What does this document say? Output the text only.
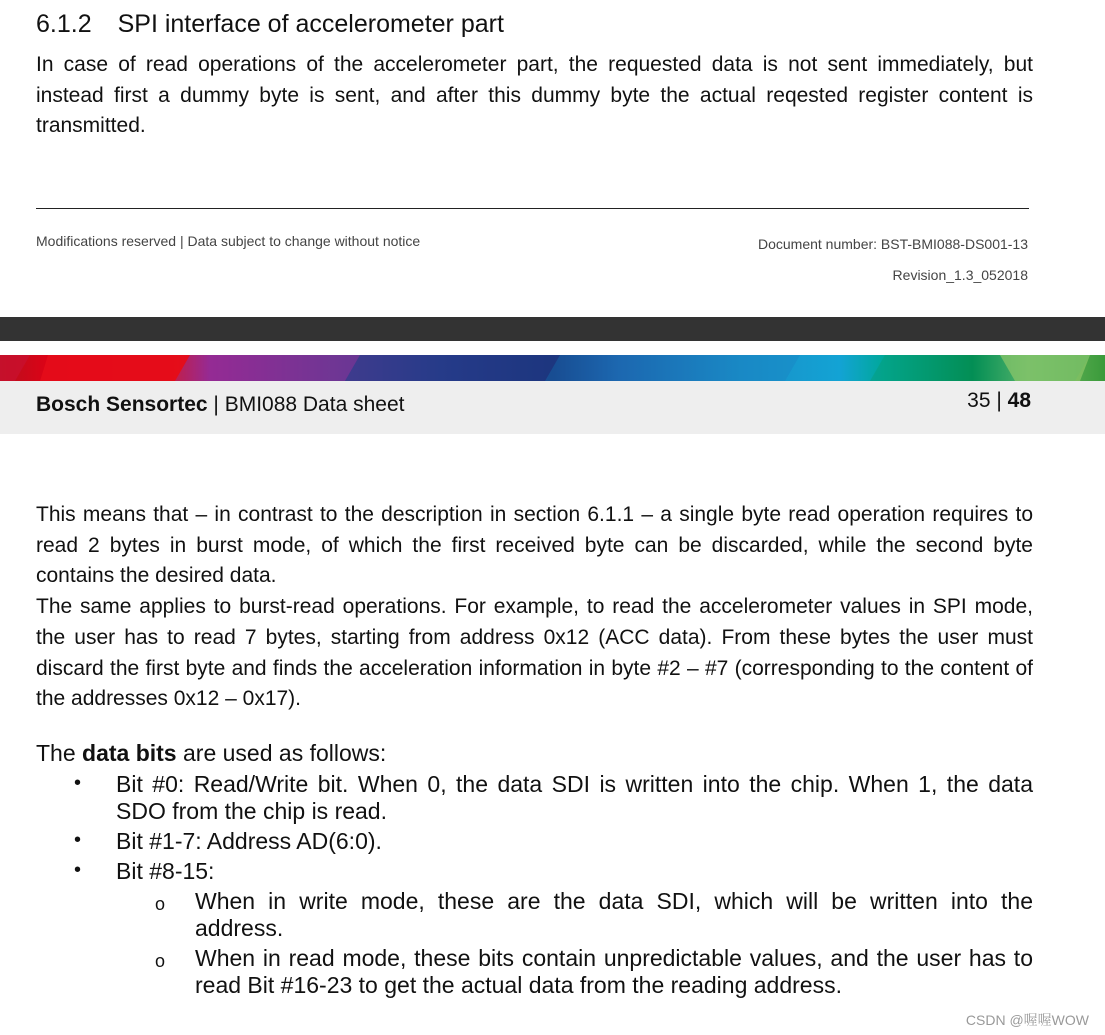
6.1.2 SPI interface of accelerometer part

In case of read operations of the accelerometer part, the requested data is not sent immediately, but instead first a dummy byte is sent, and after this dummy byte the actual reqested register content is transmitted.

Modifications reserved | Data subject to change without notice	Document number: BST-BMI088-DS001-13
Revision_1.3_052018
Bosch Sensortec | BMI088 Data sheet	35 | 48

This means that – in contrast to the description in section 6.1.1 – a single byte read operation requires to read 2 bytes in burst mode, of which the first received byte can be discarded, while the second byte contains the desired data.

The same applies to burst-read operations. For example, to read the accelerometer values in SPI mode, the user has to read 7 bytes, starting from address 0x12 (ACC data). From these bytes the user must discard the first byte and finds the acceleration information in byte #2 – #7 (corresponding to the content of the addresses 0x12 – 0x17).

The data bits are used as follows:
• Bit #0: Read/Write bit. When 0, the data SDI is written into the chip. When 1, the data SDO from the chip is read.
• Bit #1-7: Address AD(6:0).
• Bit #8-15:
o When in write mode, these are the data SDI, which will be written into the address.
o When in read mode, these bits contain unpredictable values, and the user has to read Bit #16-23 to get the actual data from the reading address.
CSDN @喔喔WOW
